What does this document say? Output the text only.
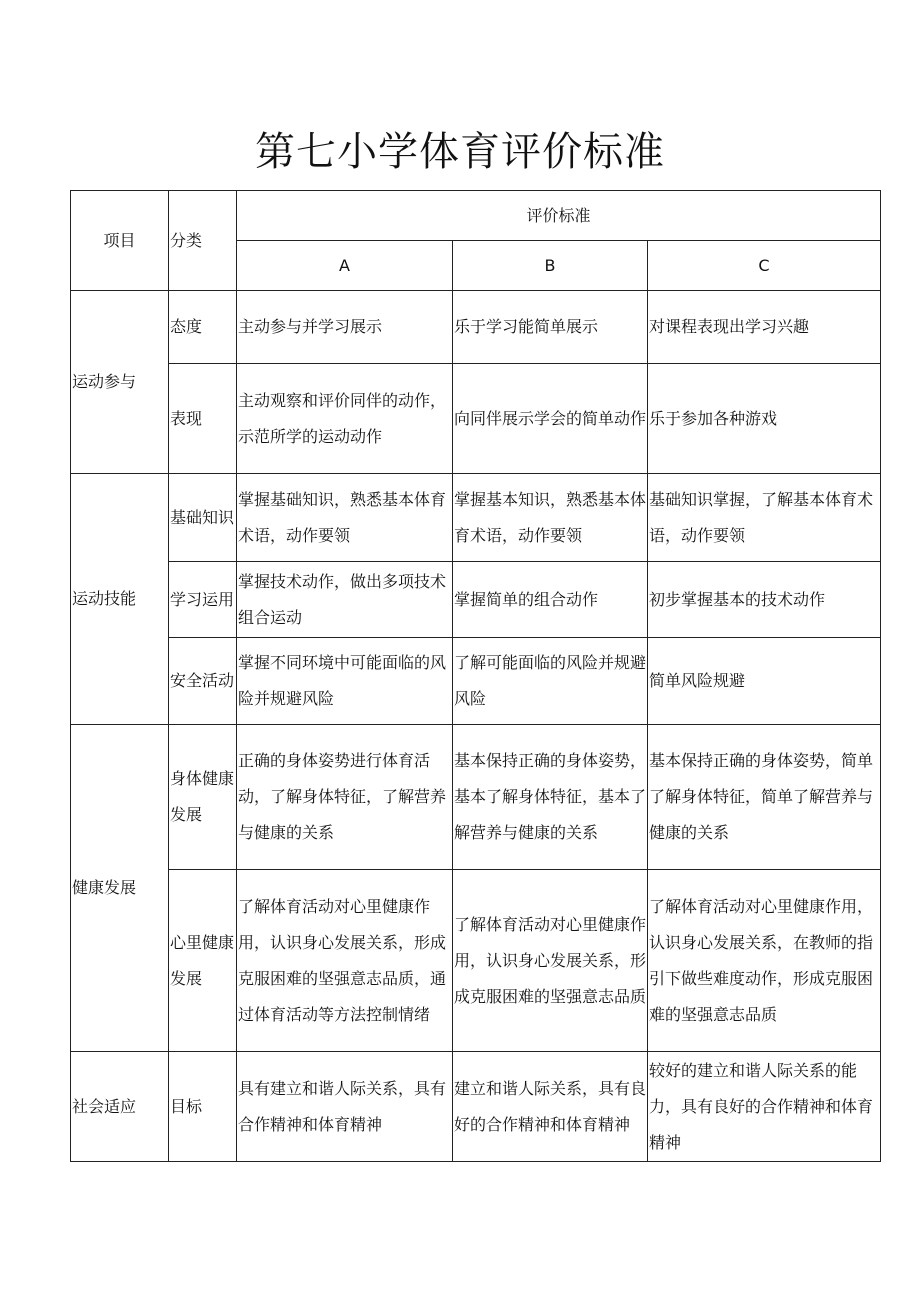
第七小学体育评价标准
项目	分类	评价标准		
		A	B	C
运动参与	态度	主动参与并学习展示	乐于学习能简单展示	对课程表现出学习兴趣
	表现	主动观察和评价同伴的动作，示范所学的运动动作	向同伴展示学会的简单动作	乐于参加各种游戏
运动技能	基础知识	掌握基础知识，熟悉基本体育术语，动作要领	掌握基本知识，熟悉基本体育术语，动作要领	基础知识掌握，了解基本体育术语，动作要领
	学习运用	掌握技术动作，做出多项技术组合运动	掌握简单的组合动作	初步掌握基本的技术动作
	安全活动	掌握不同环境中可能面临的风险并规避风险	了解可能面临的风险并规避风险	简单风险规避
健康发展	身体健康发展	正确的身体姿势进行体育活动，了解身体特征，了解营养与健康的关系	基本保持正确的身体姿势，基本了解身体特征，基本了解营养与健康的关系	基本保持正确的身体姿势，简单了解身体特征，简单了解营养与健康的关系
	心里健康发展	了解体育活动对心里健康作用，认识身心发展关系，形成克服困难的坚强意志品质，通过体育活动等方法控制情绪	了解体育活动对心里健康作用，认识身心发展关系，形成克服困难的坚强意志品质	了解体育活动对心里健康作用，认识身心发展关系，在教师的指引下做些难度动作，形成克服困难的坚强意志品质
社会适应	目标	具有建立和谐人际关系，具有合作精神和体育精神	建立和谐人际关系，具有良好的合作精神和体育精神	较好的建立和谐人际关系的能力，具有良好的合作精神和体育精神
